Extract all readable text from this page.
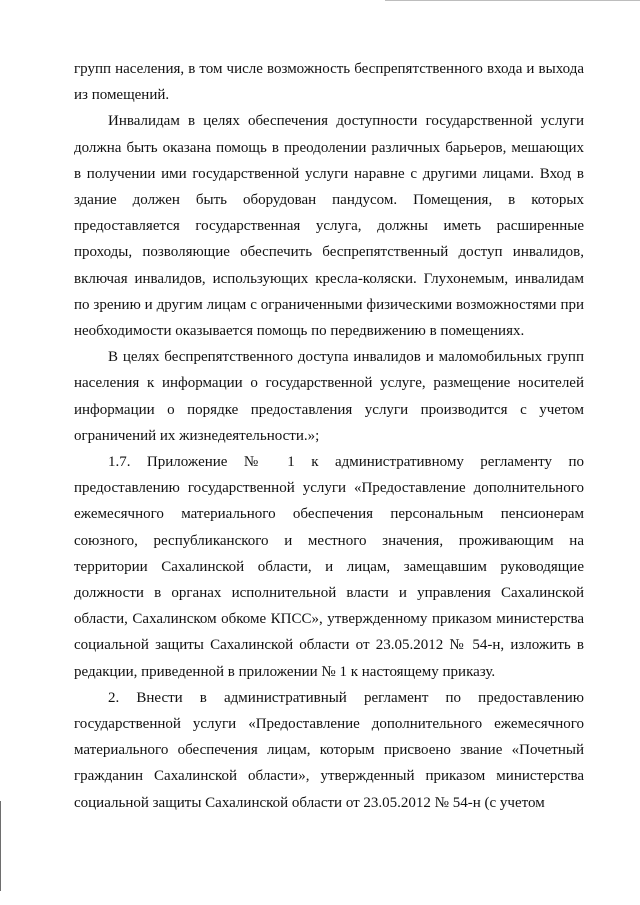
групп населения, в том числе возможность беспрепятственного входа и выхода из помещений.

Инвалидам в целях обеспечения доступности государственной услуги должна быть оказана помощь в преодолении различных барьеров, мешающих в получении ими государственной услуги наравне с другими лицами. Вход в здание должен быть оборудован пандусом. Помещения, в которых предоставляется государственная услуга, должны иметь расширенные проходы, позволяющие обеспечить беспрепятственный доступ инвалидов, включая инвалидов, использующих кресла-коляски. Глухонемым, инвалидам по зрению и другим лицам с ограниченными физическими возможностями при необходимости оказывается помощь по передвижению в помещениях.

В целях беспрепятственного доступа инвалидов и маломобильных групп населения к информации о государственной услуге, размещение носителей информации о порядке предоставления услуги производится с учетом ограничений их жизнедеятельности.»;

1.7. Приложение № 1 к административному регламенту по предоставлению государственной услуги «Предоставление дополнительного ежемесячного материального обеспечения персональным пенсионерам союзного, республиканского и местного значения, проживающим на территории Сахалинской области, и лицам, замещавшим руководящие должности в органах исполнительной власти и управления Сахалинской области, Сахалинском обкоме КПСС», утвержденному приказом министерства социальной защиты Сахалинской области от 23.05.2012 № 54-н, изложить в редакции, приведенной в приложении № 1 к настоящему приказу.

2. Внести в административный регламент по предоставлению государственной услуги «Предоставление дополнительного ежемесячного материального обеспечения лицам, которым присвоено звание «Почетный гражданин Сахалинской области», утвержденный приказом министерства социальной защиты Сахалинской области от 23.05.2012 № 54-н (с учетом
